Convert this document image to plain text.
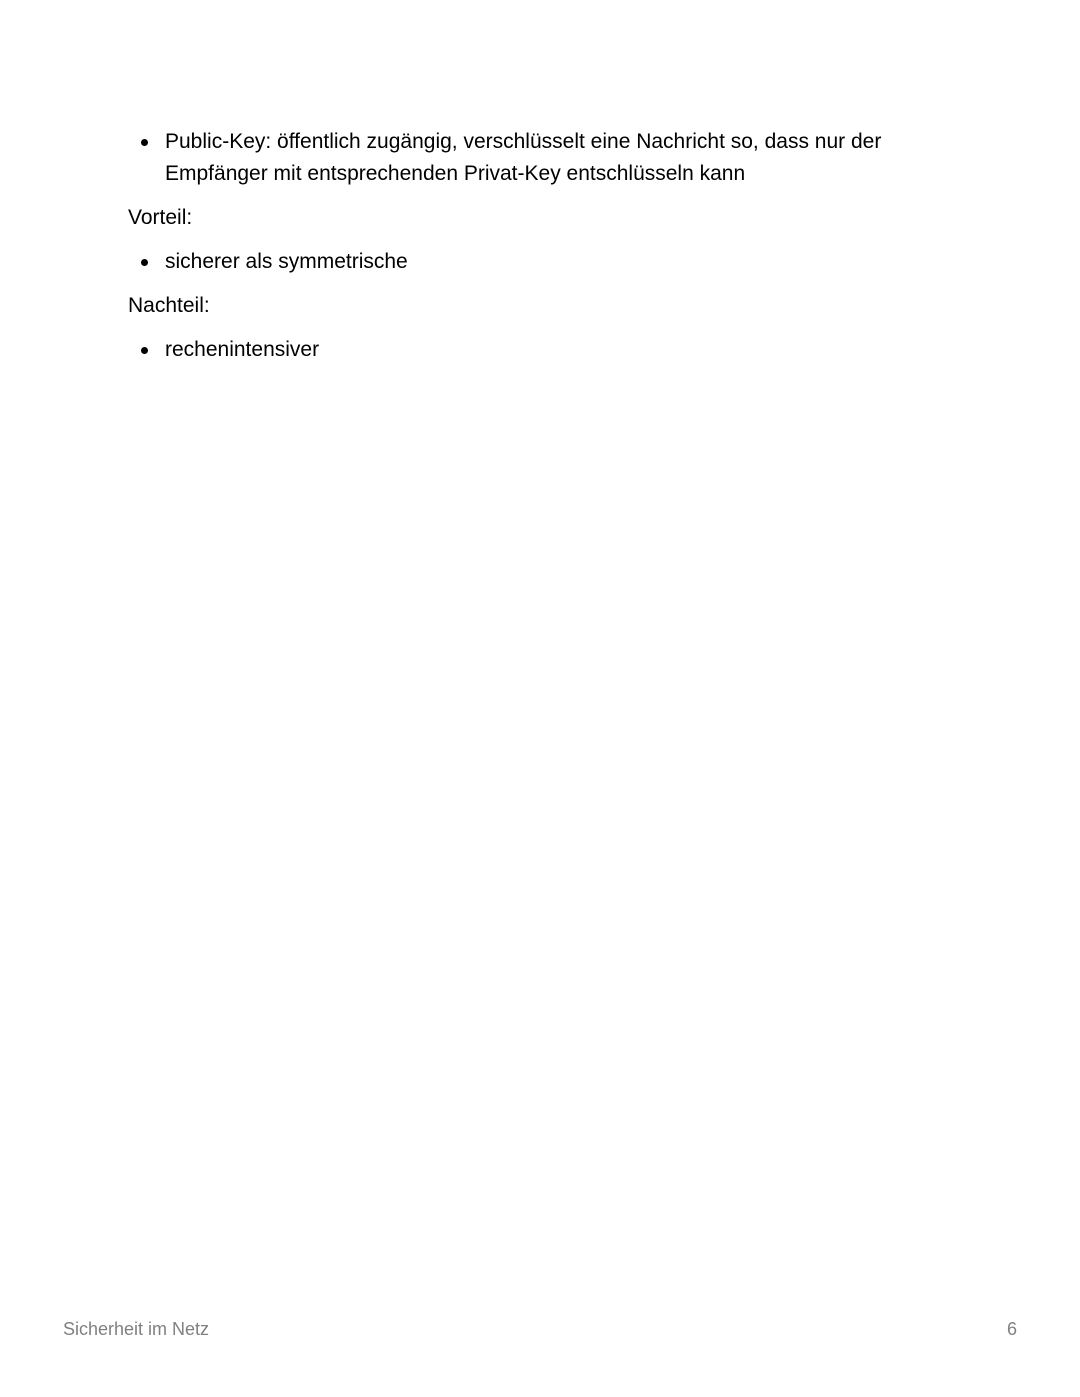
Public-Key: öffentlich zugängig, verschlüsselt eine Nachricht so, dass nur der Empfänger mit entsprechenden Privat-Key entschlüsseln kann
Vorteil:
sicherer als symmetrische
Nachteil:
rechenintensiver
Sicherheit im Netz	6
